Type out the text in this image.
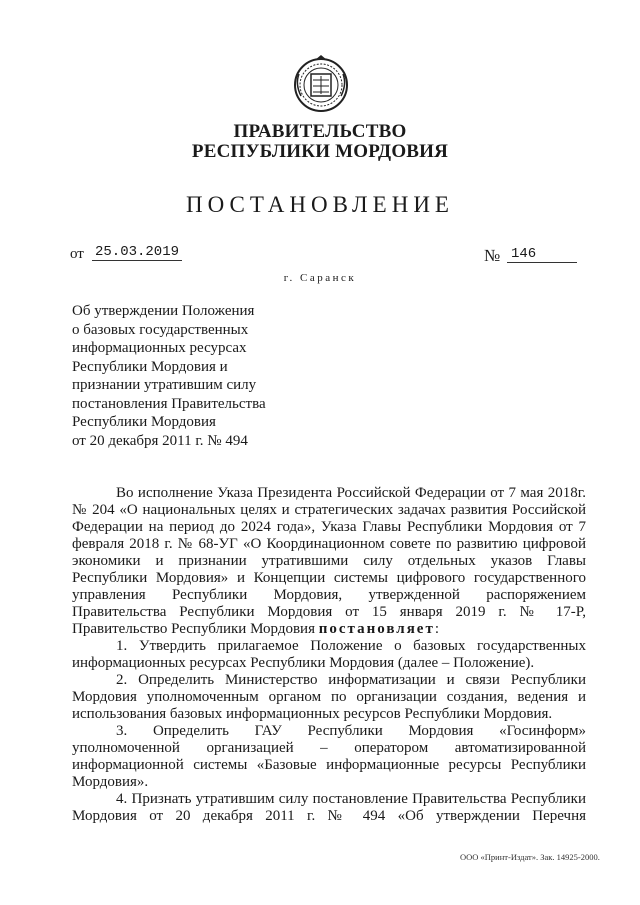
ПРАВИТЕЛЬСТВО
РЕСПУБЛИКИ МОРДОВИЯ
ПОСТАНОВЛЕНИЕ
от 25.03.2019	№ 146
г. Саранск
Об утверждении Положения
о базовых государственных
информационных ресурсах
Республики Мордовия и
признании утратившим силу
постановления Правительства
Республики Мордовия
от 20 декабря 2011 г. № 494

Во исполнение Указа Президента Российской Федерации от 7 мая 2018г. № 204 «О национальных целях и стратегических задачах развития Российской Федерации на период до 2024 года», Указа Главы Республики Мордовия от 7 февраля 2018 г. № 68-УГ «О Координационном совете по развитию цифровой экономики и признании утратившими силу отдельных указов Главы Республики Мордовия» и Концепции системы цифрового государственного управления Республики Мордовия, утвержденной распоряжением Правительства Республики Мордовия от 15 января 2019 г. № 17-Р, Правительство Республики Мордовия постановляет:

1. Утвердить прилагаемое Положение о базовых государственных информационных ресурсах Республики Мордовия (далее – Положение).

2. Определить Министерство информатизации и связи Республики Мордовия уполномоченным органом по организации создания, ведения и использования базовых информационных ресурсов Республики Мордовия.

3. Определить ГАУ Республики Мордовия «Госинформ» уполномоченной организацией – оператором автоматизированной информационной системы «Базовые информационные ресурсы Республики Мордовия».

4. Признать утратившим силу постановление Правительства Республики Мордовия от 20 декабря 2011 г. № 494 «Об утверждении Перечня

ООО «Принт-Издат». Зак. 14925-2000.
